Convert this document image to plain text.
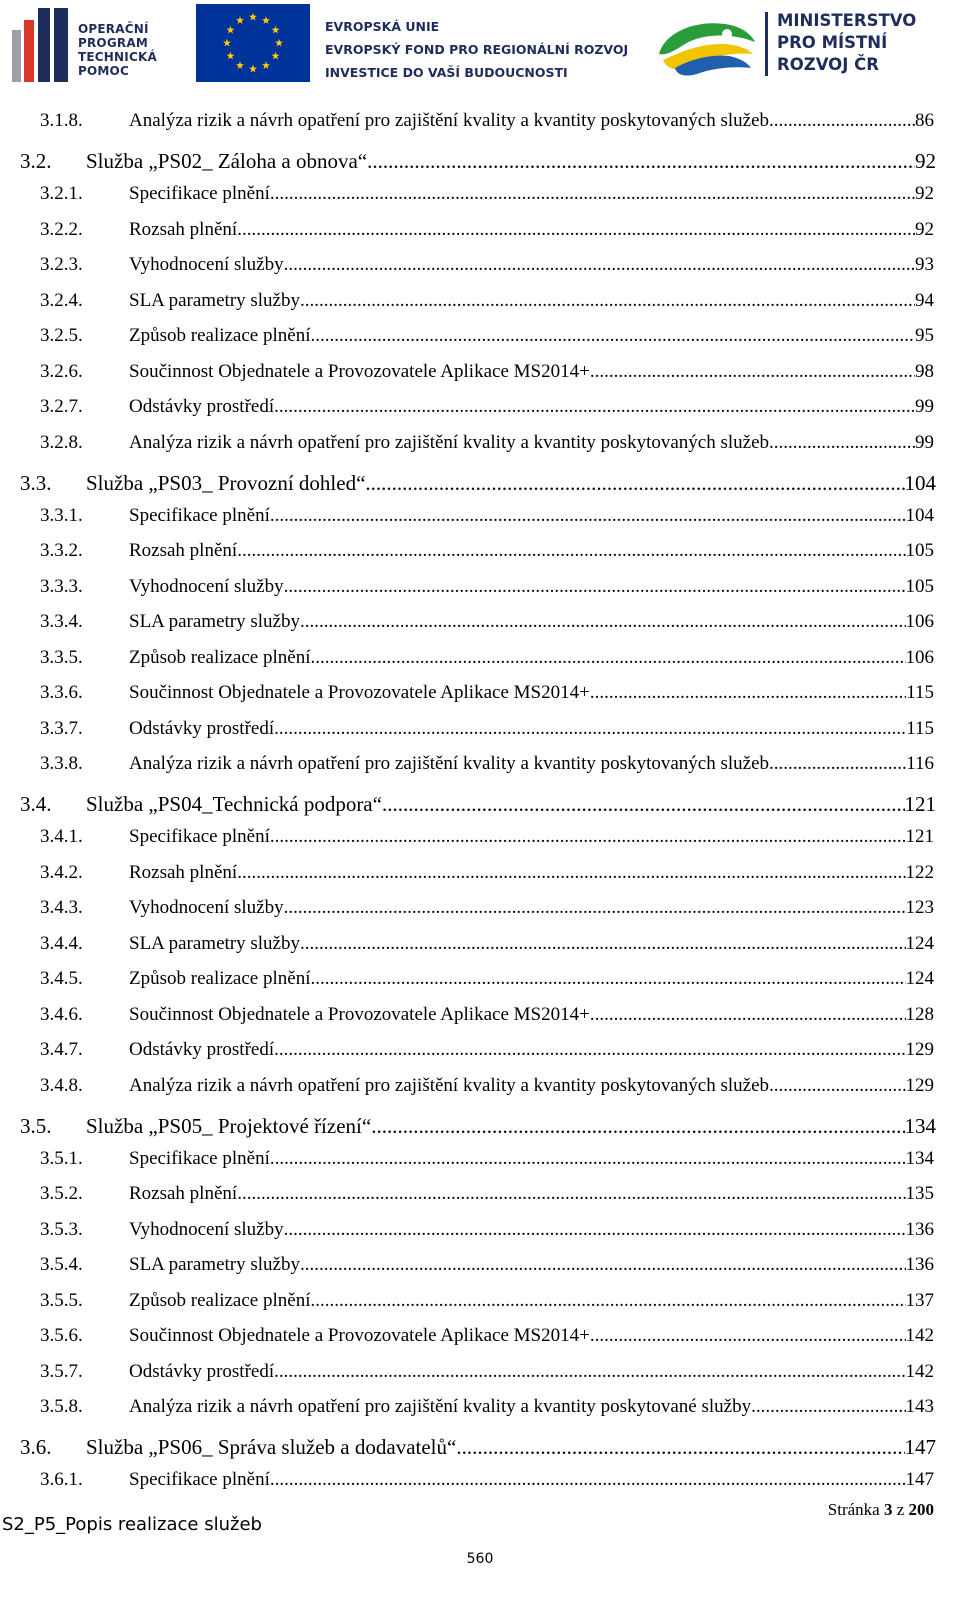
OPERAČNÍ
PROGRAM
TECHNICKÁ
POMOC
EVROPSKÁ UNIE
EVROPSKÝ FOND PRO REGIONÁLNÍ ROZVOJ
INVESTICE DO VAŠÍ BUDOUCNOSTI
MINISTERSTVO
PRO MÍSTNÍ
ROZVOJ ČR
3.1.8.	Analýza rizik a návrh opatření pro zajištění kvality a kvantity poskytovaných služeb .....	86
3.2.	Služba „PS02_ Záloha a obnova“ .....	92
3.2.1.	Specifikace plnění .....	92
3.2.2.	Rozsah plnění .....	92
3.2.3.	Vyhodnocení služby .....	93
3.2.4.	SLA parametry služby .....	94
3.2.5.	Způsob realizace plnění .....	95
3.2.6.	Součinnost Objednatele a Provozovatele Aplikace MS2014+ .....	98
3.2.7.	Odstávky prostředí .....	99
3.2.8.	Analýza rizik a návrh opatření pro zajištění kvality a kvantity poskytovaných služeb .....	99
3.3.	Služba „PS03_ Provozní dohled“ .....	104
3.3.1.	Specifikace plnění .....	104
3.3.2.	Rozsah plnění .....	105
3.3.3.	Vyhodnocení služby .....	105
3.3.4.	SLA parametry služby .....	106
3.3.5.	Způsob realizace plnění .....	106
3.3.6.	Součinnost Objednatele a Provozovatele Aplikace MS2014+ .....	115
3.3.7.	Odstávky prostředí .....	115
3.3.8.	Analýza rizik a návrh opatření pro zajištění kvality a kvantity poskytovaných služeb .....	116
3.4.	Služba „PS04_Technická podpora“ .....	121
3.4.1.	Specifikace plnění .....	121
3.4.2.	Rozsah plnění .....	122
3.4.3.	Vyhodnocení služby .....	123
3.4.4.	SLA parametry služby .....	124
3.4.5.	Způsob realizace plnění .....	124
3.4.6.	Součinnost Objednatele a Provozovatele Aplikace MS2014+ .....	128
3.4.7.	Odstávky prostředí .....	129
3.4.8.	Analýza rizik a návrh opatření pro zajištění kvality a kvantity poskytovaných služeb .....	129
3.5.	Služba „PS05_ Projektové řízení“ .....	134
3.5.1.	Specifikace plnění .....	134
3.5.2.	Rozsah plnění .....	135
3.5.3.	Vyhodnocení služby .....	136
3.5.4.	SLA parametry služby .....	136
3.5.5.	Způsob realizace plnění .....	137
3.5.6.	Součinnost Objednatele a Provozovatele Aplikace MS2014+ .....	142
3.5.7.	Odstávky prostředí .....	142
3.5.8.	Analýza rizik a návrh opatření pro zajištění kvality a kvantity poskytované služby .....	143
3.6.	Služba „PS06_ Správa služeb a dodavatelů“ .....	147
3.6.1.	Specifikace plnění .....	147
S2_P5_Popis realizace služeb
Stránka 3 z 200
560
